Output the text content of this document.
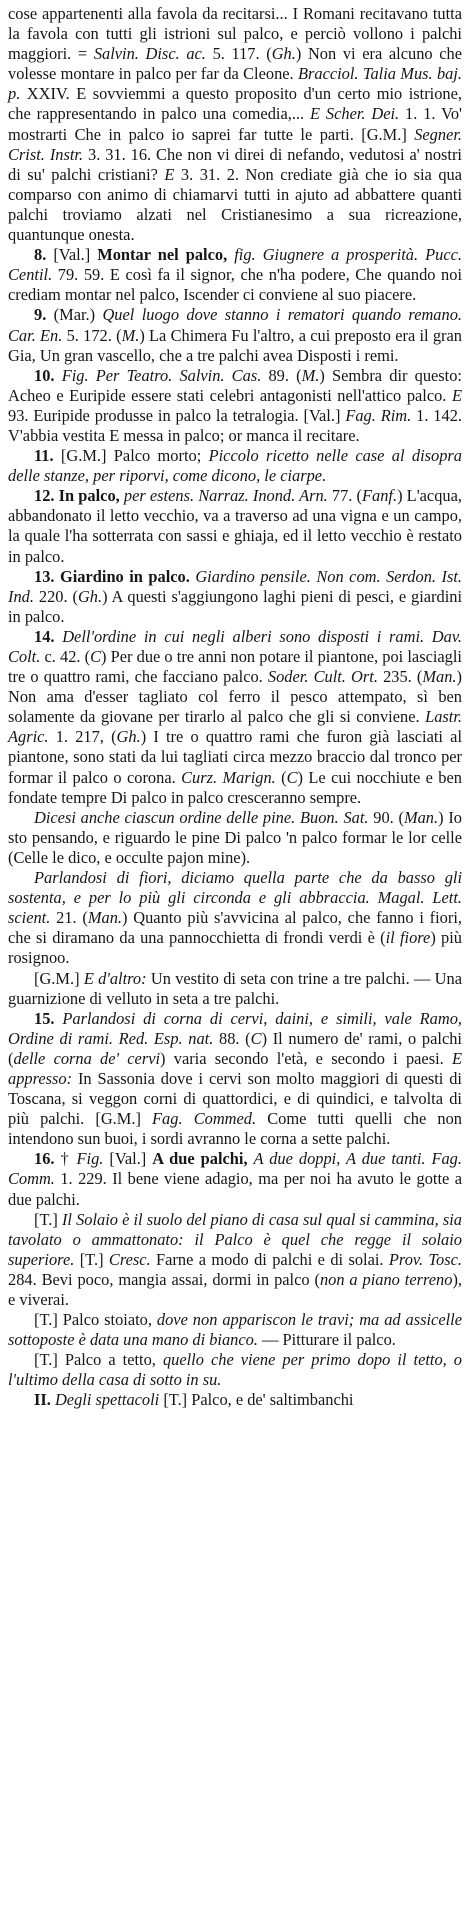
cose appartenenti alla favola da recitarsi... I Romani recitavano tutta la favola con tutti gli istrioni sul palco, e perciò vollono i palchi maggiori. = Salvin. Disc. ac. 5. 117. (Gh.) Non vi era alcuno che volesse montare in palco per far da Cleone. Bracciol. Talia Mus. baj. p. XXIV. E sovviemmi a questo proposito d'un certo mio istrione, che rappresentando in palco una comedia,... E Scher. Dei. 1. 1. Vo' mostrarti Che in palco io saprei far tutte le parti. [G.M.] Segner. Crist. Instr. 3. 31. 16. Che non vi direi di nefando, vedutosi a' nostri di su' palchi cristiani? E 3. 31. 2. Non crediate già che io sia qua comparso con animo di chiamarvi tutti in ajuto ad abbattere quanti palchi troviamo alzati nel Cristianesimo a sua ricreazione, quantunque onesta.

8. [Val.] Montar nel palco, fig. Giugnere a prosperità. Pucc. Centil. 79. 59. E così fa il signor, che n'ha podere, Che quando noi crediam montar nel palco, Iscender ci conviene al suo piacere.

9. (Mar.) Quel luogo dove stanno i rematori quando remano. Car. En. 5. 172. (M.) La Chimera Fu l'altro, a cui preposto era il gran Gia, Un gran vascello, che a tre palchi avea Disposti i remi.

10. Fig. Per Teatro. Salvin. Cas. 89. (M.) Sembra dir questo: Acheo e Euripide essere stati celebri antagonisti nell'attico palco. E 93. Euripide produsse in palco la tetralogia. [Val.] Fag. Rim. 1. 142. V'abbia vestita E messa in palco; or manca il recitare.

11. [G.M.] Palco morto; Piccolo ricetto nelle case al disopra delle stanze, per riporvi, come dicono, le ciarpe.

12. In palco, per estens. Narraz. Inond. Arn. 77. (Fanf.) L'acqua, abbandonato il letto vecchio, va a traverso ad una vigna e un campo, la quale l'ha sotterrata con sassi e ghiaja, ed il letto vecchio è restato in palco.

13. Giardino in palco. Giardino pensile. Non com. Serdon. Ist. Ind. 220. (Gh.) A questi s'aggiungono laghi pieni di pesci, e giardini in palco.

14. Dell'ordine in cui negli alberi sono disposti i rami. Dav. Colt. c. 42. (C) Per due o tre anni non potare il piantone, poi lasciagli tre o quattro rami, che facciano palco. Soder. Cult. Ort. 235. (Man.) Non ama d'esser tagliato col ferro il pesco attempato, sì ben solamente da giovane per tirarlo al palco che gli si conviene. Lastr. Agric. 1. 217, (Gh.) I tre o quattro rami che furon già lasciati al piantone, sono stati da lui tagliati circa mezzo braccio dal tronco per formar il palco o corona. Curz. Marign. (C) Le cui nocchiute e ben fondate tempre Di palco in palco cresceranno sempre.

Dicesi anche ciascun ordine delle pine. Buon. Sat. 90. (Man.) Io sto pensando, e riguardo le pine Di palco 'n palco formar le lor celle (Celle le dico, e occulte pajon mine).

Parlandosi di fiori, diciamo quella parte che da basso gli sostenta, e per lo più gli circonda e gli abbraccia. Magal. Lett. scient. 21. (Man.) Quanto più s'avvicina al palco, che fanno i fiori, che si diramano da una pannocchietta di frondi verdi è (il fiore) più rosignoo.

[G.M.] E d'altro: Un vestito di seta con trine a tre palchi. — Una guarnizione di velluto in seta a tre palchi.

15. Parlandosi di corna di cervi, daini, e simili, vale Ramo, Ordine di rami. Red. Esp. nat. 88. (C) Il numero de' rami, o palchi (delle corna de' cervi) varia secondo l'età, e secondo i paesi. E appresso: In Sassonia dove i cervi son molto maggiori di questi di Toscana, si veggon corni di quattordici, e di quindici, e talvolta di più palchi. [G.M.] Fag. Commed. Come tutti quelli che non intendono sun buoi, i sordi avranno le corna a sette palchi.

16. † Fig. [Val.] A due palchi, A due doppi, A due tanti. Fag. Comm. 1. 229. Il bene viene adagio, ma per noi ha avuto le gotte a due palchi.

[T.] Il Solaio è il suolo del piano di casa sul qual si cammina, sia tavolato o ammattonato: il Palco è quel che regge il solaio superiore. [T.] Cresc. Farne a modo di palchi e di solai. Prov. Tosc. 284. Bevi poco, mangia assai, dormi in palco (non a piano terreno), e viverai.

[T.] Palco stoiato, dove non appariscon le travi; ma ad assicelle sottoposte è data una mano di bianco. — Pitturare il palco.

[T.] Palco a tetto, quello che viene per primo dopo il tetto, o l'ultimo della casa di sotto in su.

II. Degli spettacoli [T.] Palco, e de' saltimbanchi
